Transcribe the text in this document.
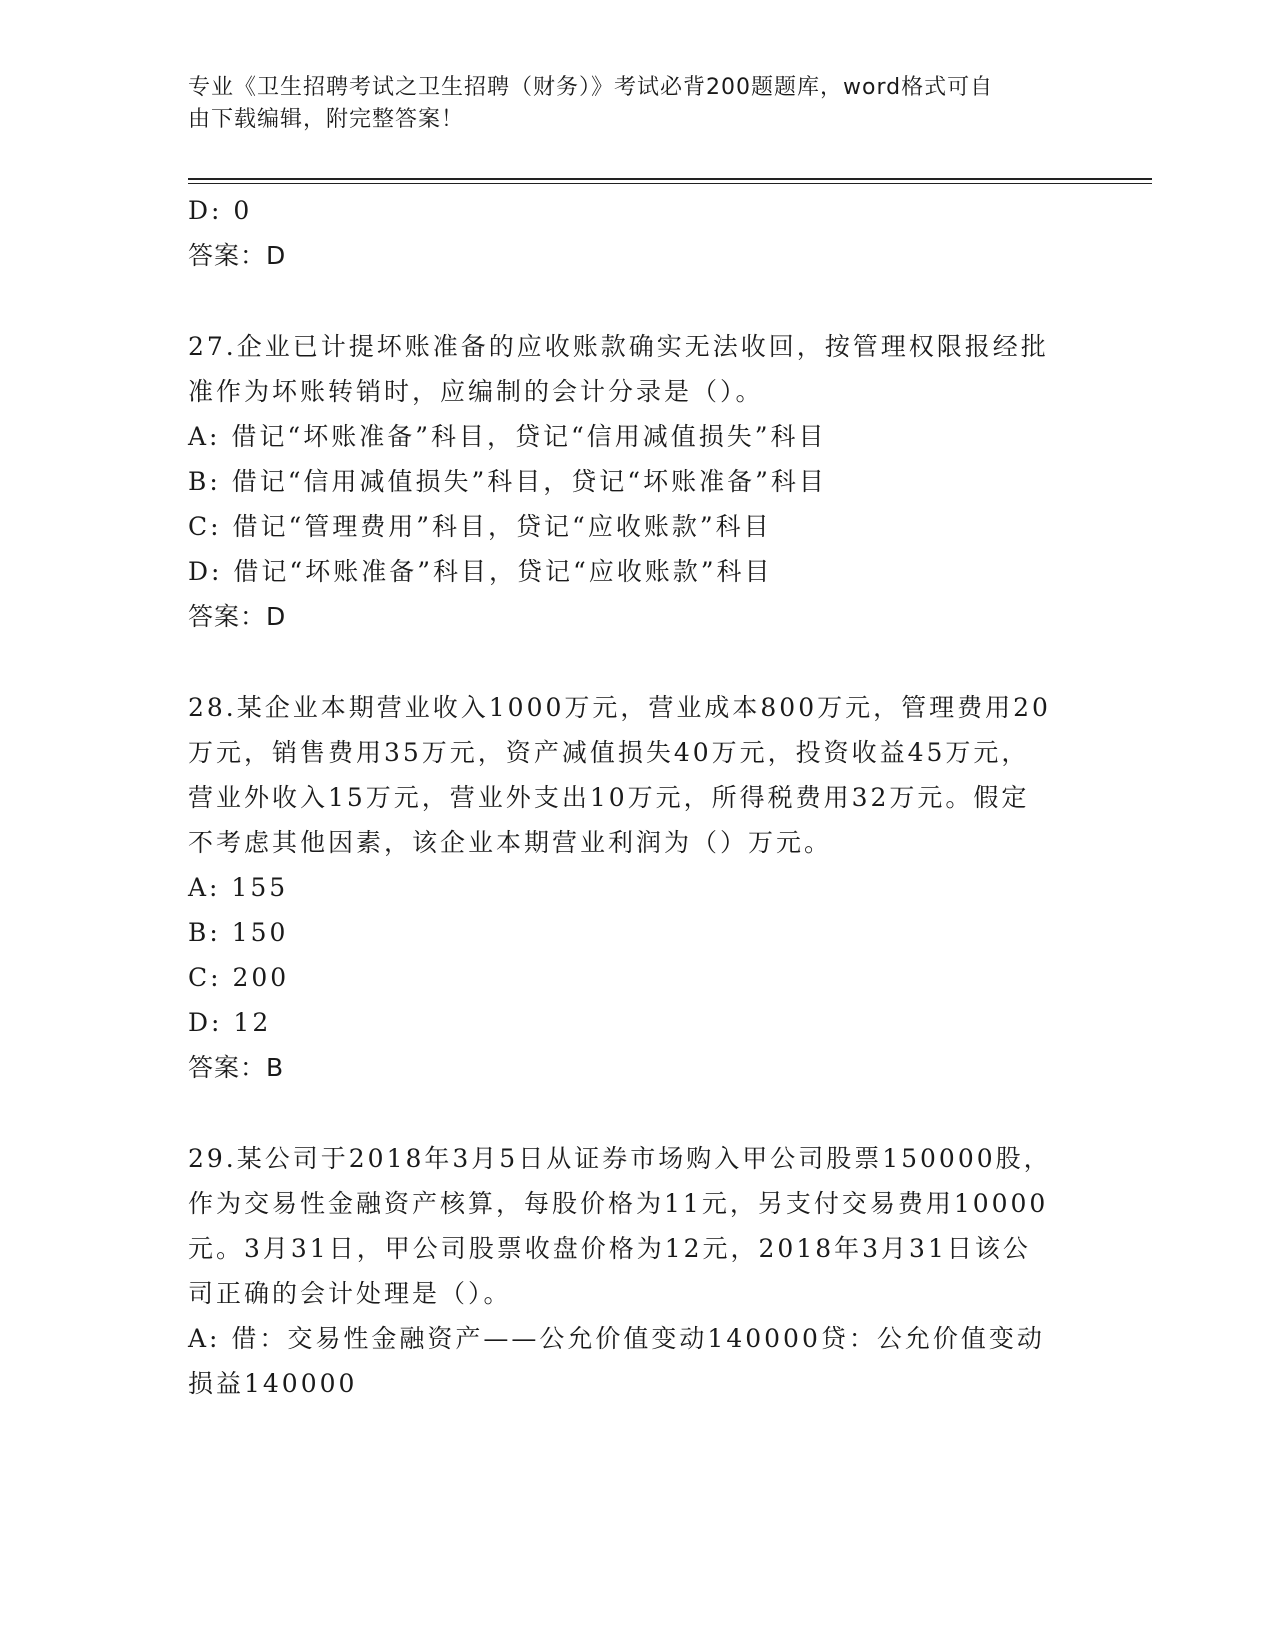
专业《卫生招聘考试之卫生招聘（财务）》考试必背200题题库，word格式可自
由下载编辑，附完整答案！
D: 0
答案：D
27.企业已计提坏账准备的应收账款确实无法收回，按管理权限报经批
准作为坏账转销时，应编制的会计分录是（）。
A: 借记“坏账准备”科目，贷记“信用减值损失”科目
B: 借记“信用减值损失”科目，贷记“坏账准备”科目
C: 借记“管理费用”科目，贷记“应收账款”科目
D: 借记“坏账准备”科目，贷记“应收账款”科目
答案：D
28.某企业本期营业收入1000万元，营业成本800万元，管理费用20
万元，销售费用35万元，资产减值损失40万元，投资收益45万元，
营业外收入15万元，营业外支出10万元，所得税费用32万元。假定
不考虑其他因素，该企业本期营业利润为（）万元。
A: 155
B: 150
C: 200
D: 12
答案：B
29.某公司于2018年3月5日从证券市场购入甲公司股票150000股，
作为交易性金融资产核算，每股价格为11元，另支付交易费用10000
元。3月31日，甲公司股票收盘价格为12元，2018年3月31日该公
司正确的会计处理是（）。
A: 借：交易性金融资产——公允价值变动140000贷：公允价值变动
损益140000
